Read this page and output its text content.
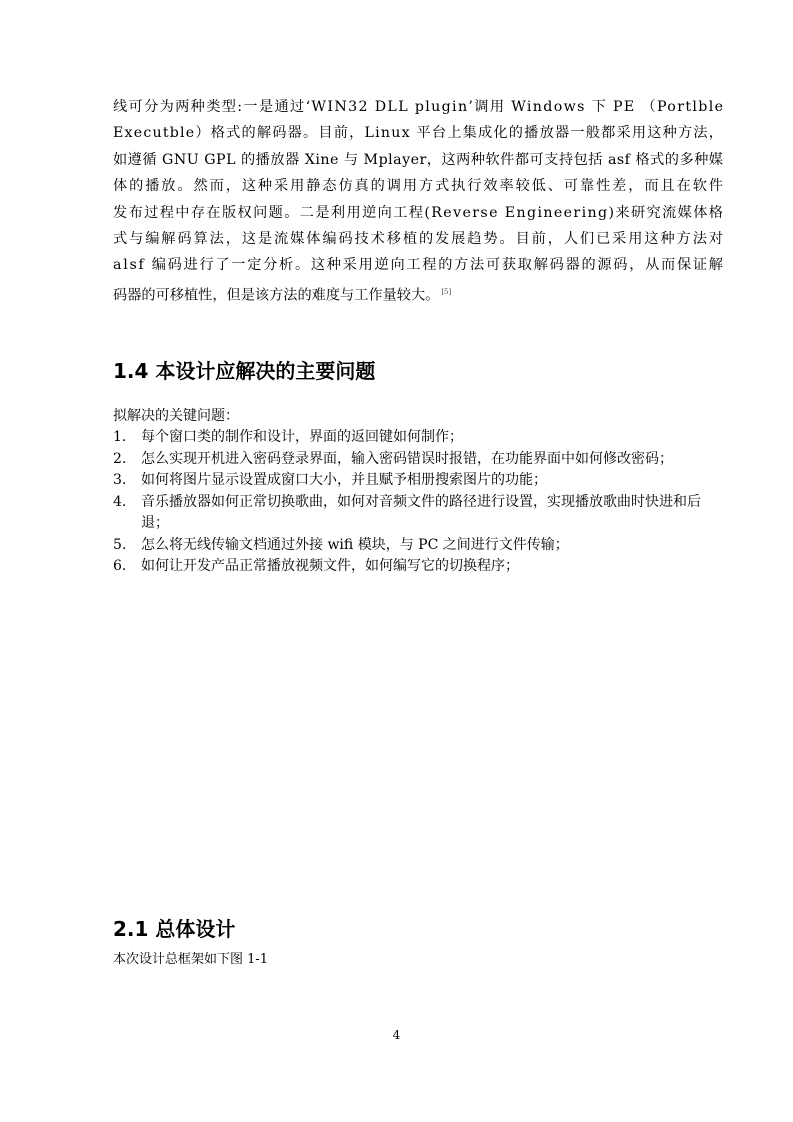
线可分为两种类型:一是通过‘WIN32 DLL plugin’调用 Windows 下 PE （Portlble
Executble）格式的解码器。目前，Linux 平台上集成化的播放器一般都采用这种方法，
如遵循 GNU GPL 的播放器 Xine 与 Mplayer，这两种软件都可支持包括 asf 格式的多种媒
体的播放。然而，这种采用静态仿真的调用方式执行效率较低、可靠性差，而且在软件
发布过程中存在版权问题。二是利用逆向工程(Reverse Engineering)来研究流媒体格
式与编解码算法，这是流媒体编码技术移植的发展趋势。目前，人们已采用这种方法对
alsf 编码进行了一定分析。这种采用逆向工程的方法可获取解码器的源码，从而保证解
码器的可移植性，但是该方法的难度与工作量较大。 [5]
1.4 本设计应解决的主要问题

拟解决的关键问题：

1. 每个窗口类的制作和设计，界面的返回键如何制作；
2. 怎么实现开机进入密码登录界面，输入密码错误时报错，在功能界面中如何修改密码；
3. 如何将图片显示设置成窗口大小，并且赋予相册搜索图片的功能；
4. 音乐播放器如何正常切换歌曲，如何对音频文件的路径进行设置，实现播放歌曲时快进和后退；
5. 怎么将无线传输文档通过外接 wifi 模块，与 PC 之间进行文件传输；
6. 如何让开发产品正常播放视频文件，如何编写它的切换程序；
2.1 总体设计

本次设计总框架如下图 1-1

4
